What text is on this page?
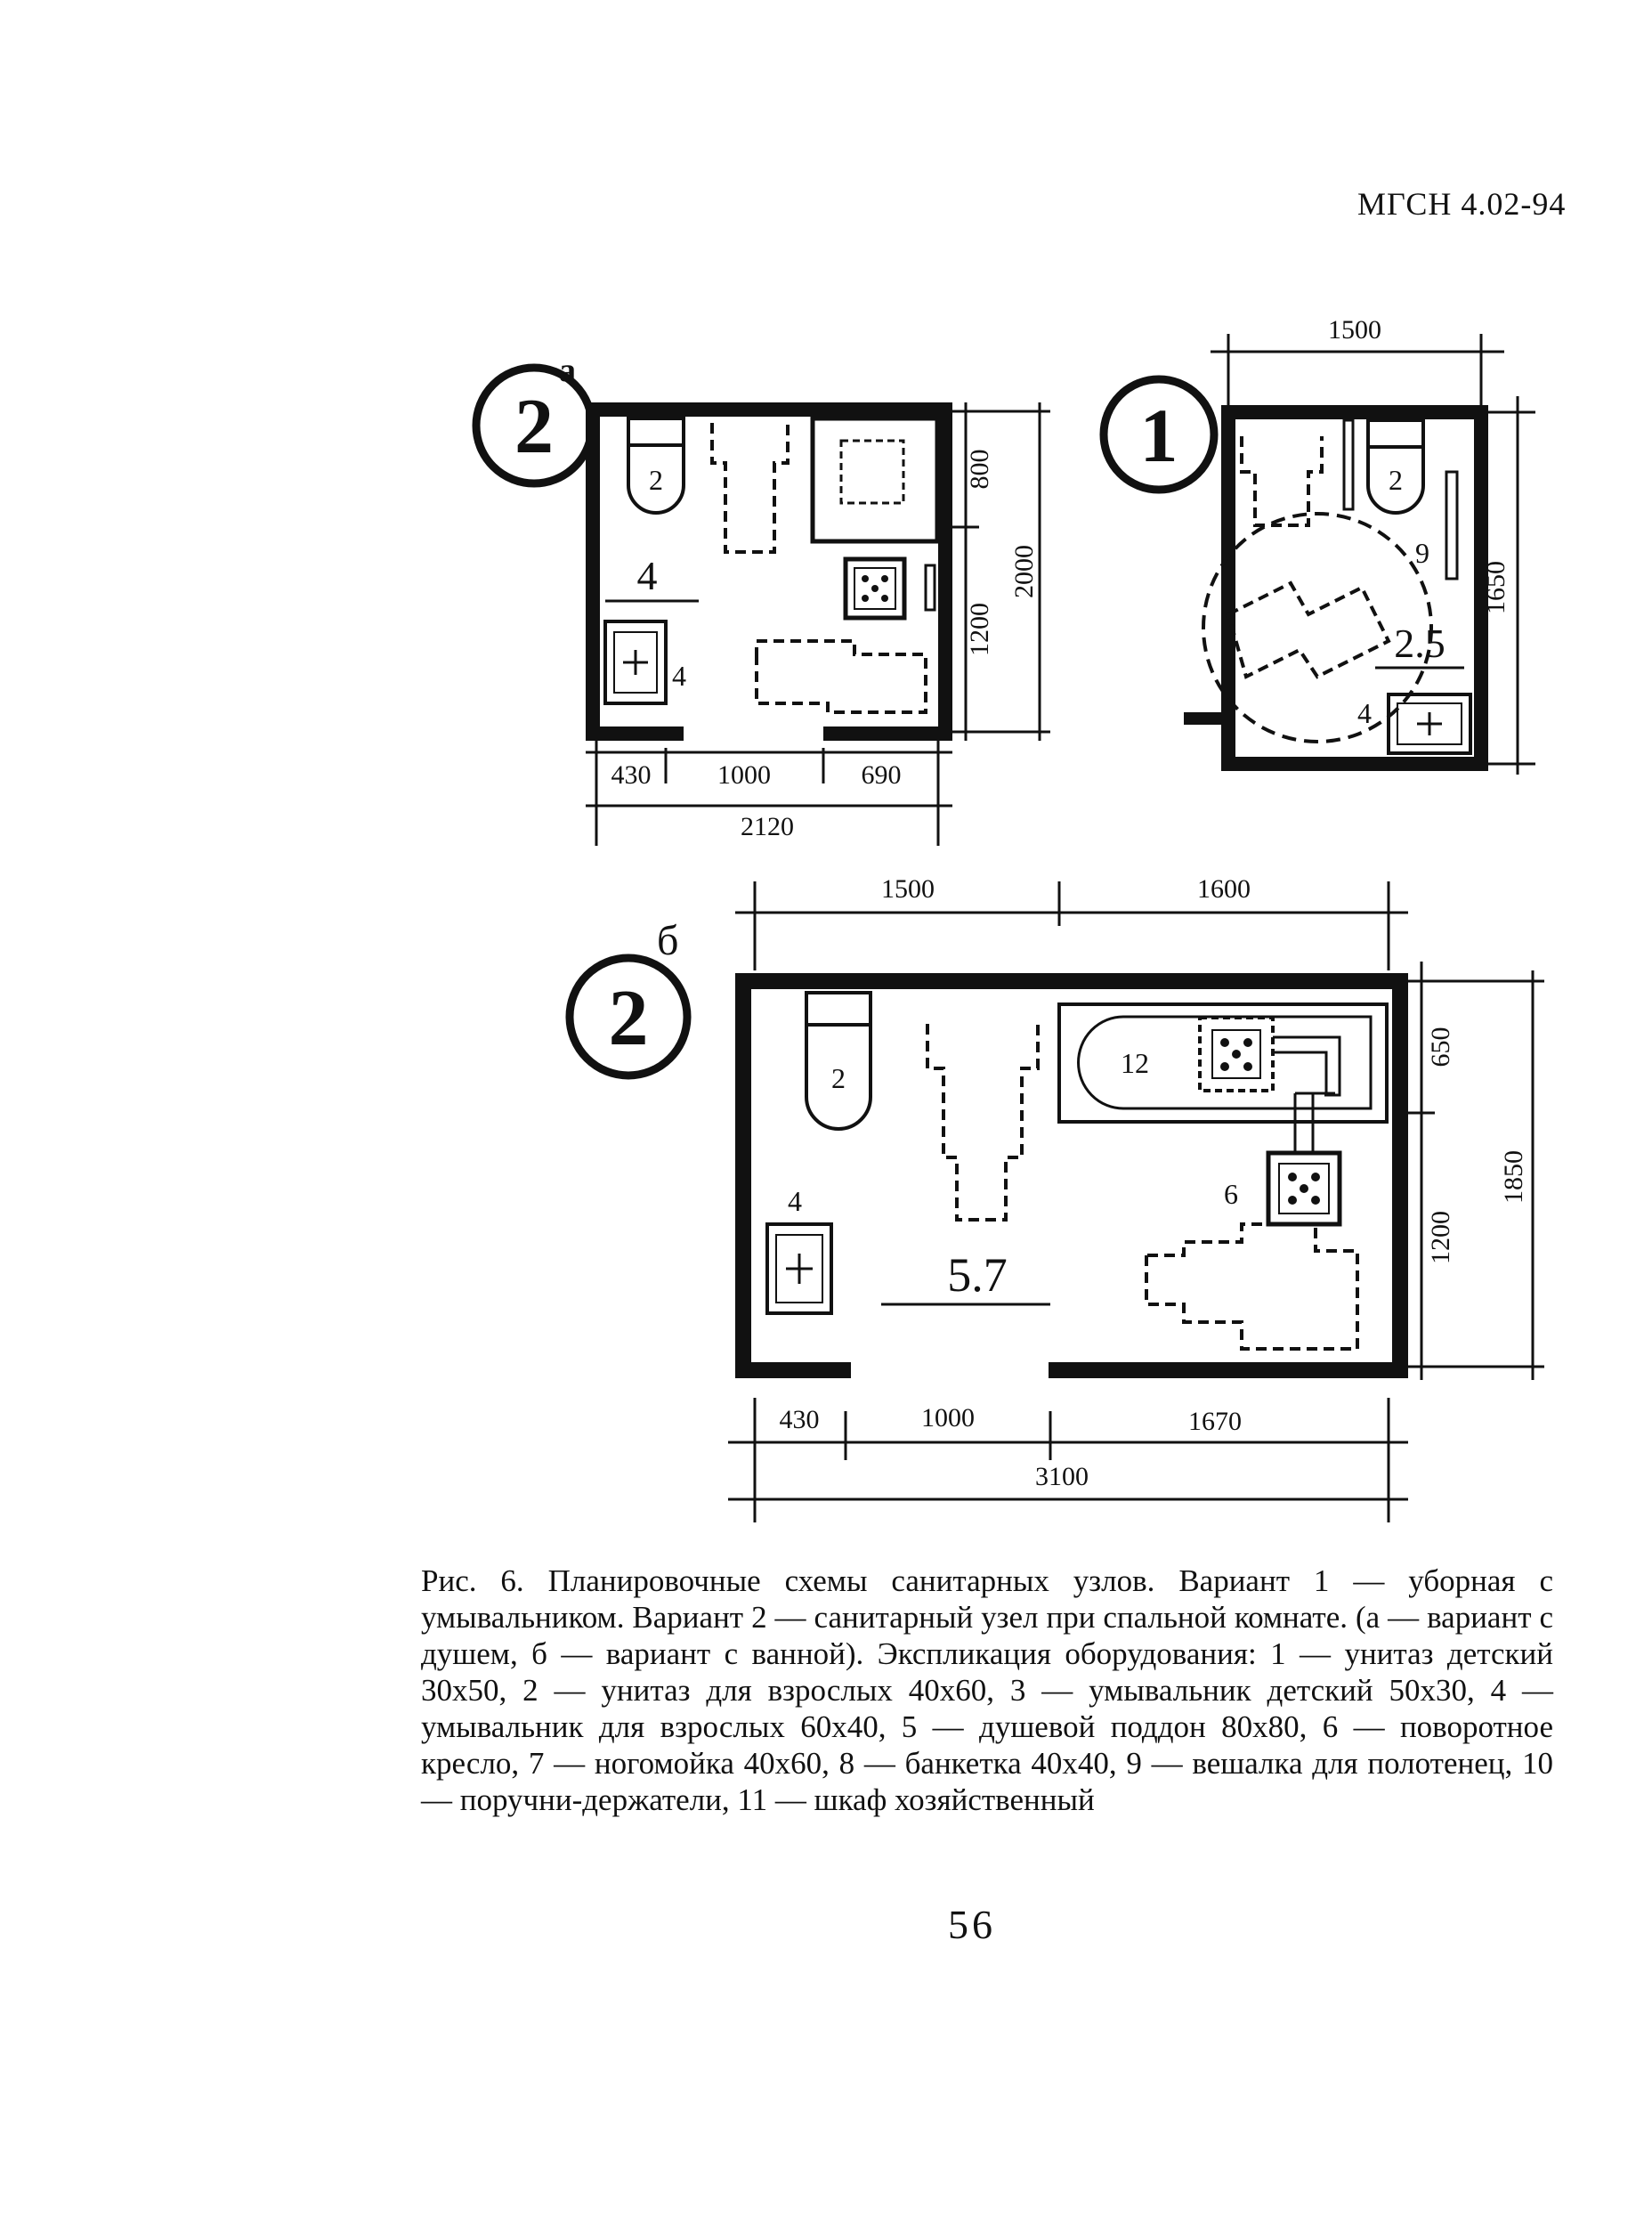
МГСН 4.02-94
2
а
2
4
4
800
1200
2000
430 1000	690
2120
1
2
9
2.5
4
1500
1650
2
б
2	12
6
5.7
4
1500	1600
650
1200
1850
430	1000	1670
3100
Рис. 6. Планировочные схемы санитарных узлов. Вариант 1 — уборная с умывальником. Вариант 2 — санитарный узел при спальной комнате. (а — вариант с душем, б — вариант с ванной). Экспликация оборудования: 1 — унитаз детский 30х50, 2 — унитаз для взрослых 40х60, 3 — умывальник детский 50х30, 4 — умывальник для взрослых 60х40, 5 — душевой поддон 80х80, 6 — поворотное кресло, 7 — ногомойка 40х60, 8 — банкетка 40х40, 9 — вешалка для полотенец, 10 — поручни-держатели, 11 — шкаф хозяйственный
56
